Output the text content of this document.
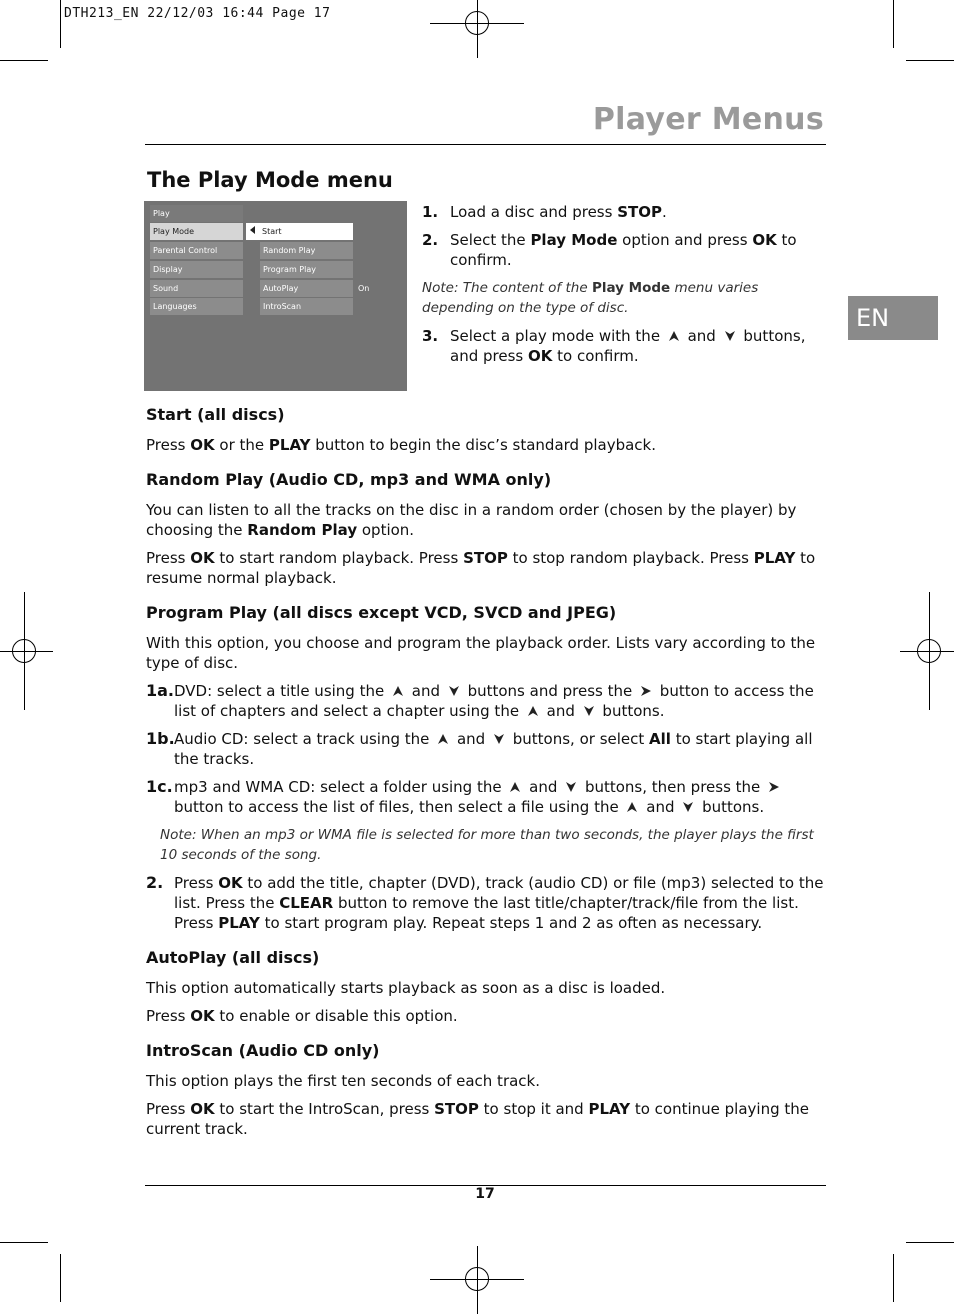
DTH213_EN 22/12/03 16:44 Page 17
Player Menus
EN
The Play Mode menu
Play
Play Mode
Parental Control
Display
Sound
Languages
Start
Random Play
Program Play
AutoPlay	On
IntroScan
1. Load a disc and press STOP.
2. Select the Play Mode option and press OK to confirm.
Note: The content of the Play Mode menu varies depending on the type of disc.
3. Select a play mode with the and buttons, and press OK to confirm.
Start (all discs)
Press OK or the PLAY button to begin the disc’s standard playback.
Random Play (Audio CD, mp3 and WMA only)
You can listen to all the tracks on the disc in a random order (chosen by the player) by choosing the Random Play option.
Press OK to start random playback. Press STOP to stop random playback. Press PLAY to resume normal playback.
Program Play (all discs except VCD, SVCD and JPEG)
With this option, you choose and program the playback order. Lists vary according to the type of disc.
1a. DVD: select a title using the and buttons and press the button to access the list of chapters and select a chapter using the and buttons.
1b. Audio CD: select a track using the and buttons, or select All to start playing all the tracks.
1c. mp3 and WMA CD: select a folder using the and buttons, then press the  button to access the list of files, then select a file using the and buttons.
Note: When an mp3 or WMA file is selected for more than two seconds, the player plays the first 10 seconds of the song.
2. Press OK to add the title, chapter (DVD), track (audio CD) or file (mp3) selected to the list. Press the CLEAR button to remove the last title/chapter/track/file from the list. Press PLAY to start program play. Repeat steps 1 and 2 as often as necessary.
AutoPlay (all discs)
This option automatically starts playback as soon as a disc is loaded.
Press OK to enable or disable this option.
IntroScan (Audio CD only)
This option plays the first ten seconds of each track.
Press OK to start the IntroScan, press STOP to stop it and PLAY to continue playing the current track.
17
